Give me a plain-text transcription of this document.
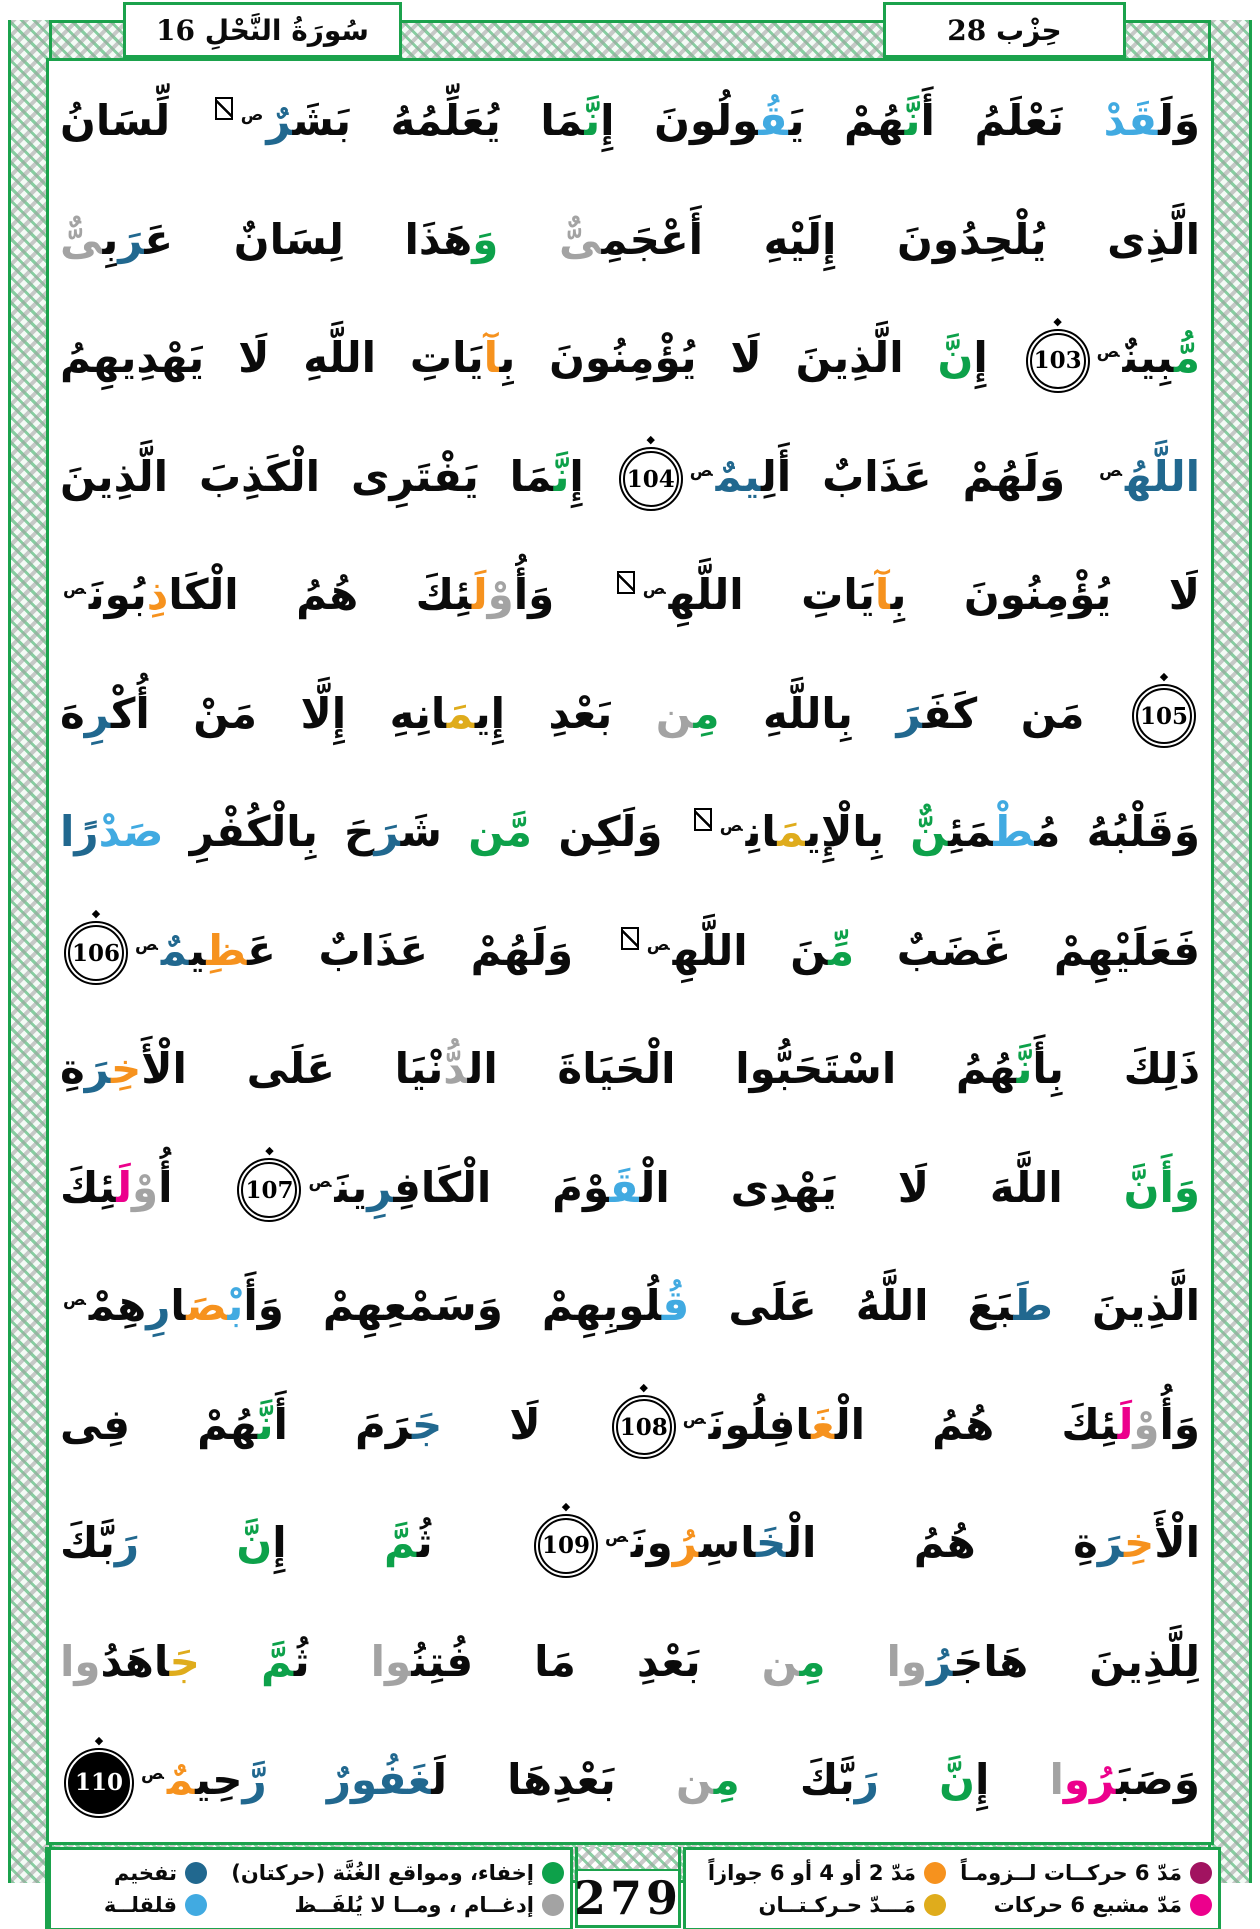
سُورَةُ النَّحْلِ 16	حِزْب 28
وَلَقَدْ نَعْلَمُ أَنَّهُمْ يَقُولُونَ إِنَّمَا يُعَلِّمُهُ بَشَرٌ$^ص$ لِّسَانُ
الَّذِى يُلْحِدُونَ إِلَيْهِ أَعْجَمِىٌّ وَهَذَا لِسَانٌ عَرَبِىٌّ
مُّبِينٌ$^ص$◆ 103 إِنَّ الَّذِينَ لَا يُؤْمِنُونَ بِآيَاتِ اللَّهِ لَا يَهْدِيهِمُ
اللَّهُ$^ص$ وَلَهُمْ عَذَابٌ أَلِيمٌ$^ص$◆ 104 إِنَّمَا يَفْتَرِى الْكَذِبَ الَّذِينَ
لَا يُؤْمِنُونَ بِآيَاتِ اللَّهِ$^ص$ وَأُوْلَئِكَ هُمُ الْكَاذِبُونَ$^ص$
◆ 105 مَن كَفَرَ بِاللَّهِ مِن بَعْدِ إِيمَانِهِ إِلَّا مَنْ أُكْرِهَ
وَقَلْبُهُ مُطْمَئِنٌّ بِالْإِيمَانِ$^ص$ وَلَكِن مَّن شَرَحَ بِالْكُفْرِ صَدْرًا
فَعَلَيْهِمْ غَضَبٌ مِّنَ اللَّهِ$^ص$ وَلَهُمْ عَذَابٌ عَظِيمٌ$^ص$◆ 106
ذَلِكَ بِأَنَّهُمُ اسْتَحَبُّوا الْحَيَاةَ الدُّنْيَا عَلَى الْأَخِرَةِ
وَأَنَّ اللَّهَ لَا يَهْدِى الْقَوْمَ الْكَافِرِينَ$^ص$◆ 107 أُوْلَئِكَ
الَّذِينَ طَبَعَ اللَّهُ عَلَى قُلُوبِهِمْ وَسَمْعِهِمْ وَأَبْصَارِهِمْ$^ص$
وَأُوْلَئِكَ هُمُ الْغَافِلُونَ$^ص$◆ 108 لَا جَرَمَ أَنَّهُمْ فِى
الْأَخِرَةِ هُمُ الْخَاسِرُونَ$^ص$◆ 109 ثُمَّ إِنَّ رَبَّكَ
لِلَّذِينَ هَاجَرُوا مِن بَعْدِ مَا فُتِنُوا ثُمَّ جَاهَدُوا
وَصَبَرُوا إِنَّ رَبَّكَ مِن بَعْدِهَا لَغَفُورٌ رَّحِيمٌ$^ص$◆ 110
مَدّ 6 حركــات لــزومـاً
مَدّ مشبع 6 حركات
مَدّ 2 أو 4 أو 6 جوازاً
مَـــدّ حـركـتــان
279
إخفاء، ومواقع الغُنَّة (حركتان)
إدغــام ، ومــا لا يُلفَــظ
تفخيم
قلقلــة
